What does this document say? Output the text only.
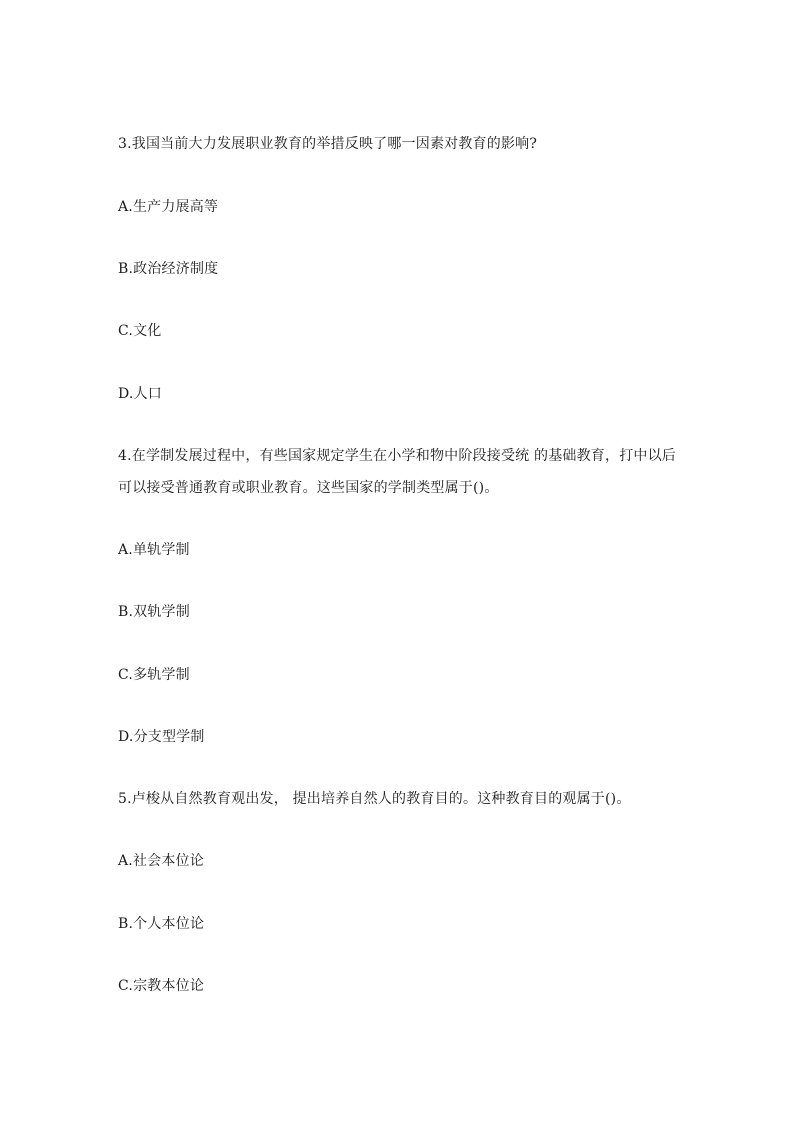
3.我国当前大力发展职业教育的举措反映了哪一因素对教育的影响?
A.生产力展高等
B.政治经济制度
C.文化
D.人口
4.在学制发展过程中，有些国家规定学生在小学和物中阶段接受统 的基础教育，打中以后
可以接受普通教育或职业教育。这些国家的学制类型属于()。
A.单轨学制
B.双轨学制
C.多轨学制
D.分支型学制
5.卢梭从自然教育观出发， 提出培养自然人的教育目的。这种教育目的观属于()。
A.社会本位论
B.个人本位论
C.宗教本位论
